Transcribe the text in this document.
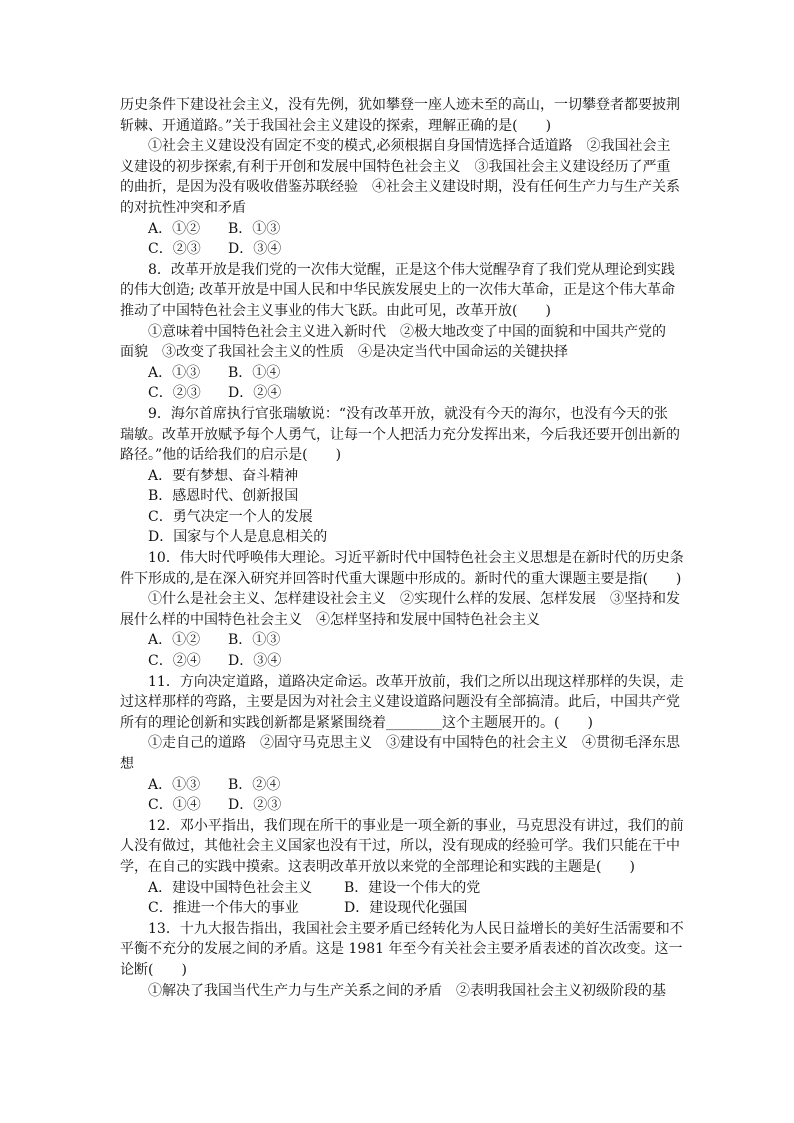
历史条件下建设社会主义，没有先例，犹如攀登一座人迹未至的高山，一切攀登者都要披荆
斩棘、开通道路。”关于我国社会主义建设的探索，理解正确的是(　　)
①社会主义建设没有固定不变的模式,必须根据自身国情选择合适道路　②我国社会主
义建设的初步探索,有利于开创和发展中国特色社会主义　③我国社会主义建设经历了严重
的曲折，是因为没有吸收借鉴苏联经验　④社会主义建设时期，没有任何生产力与生产关系
的对抗性冲突和矛盾
A．①②	B．①③
C．②③	D．③④
8．改革开放是我们党的一次伟大觉醒，正是这个伟大觉醒孕育了我们党从理论到实践
的伟大创造; 改革开放是中国人民和中华民族发展史上的一次伟大革命，正是这个伟大革命
推动了中国特色社会主义事业的伟大飞跃。由此可见，改革开放(　　)
①意味着中国特色社会主义进入新时代　②极大地改变了中国的面貌和中国共产党的
面貌　③改变了我国社会主义的性质　④是决定当代中国命运的关键抉择
A．①③	B．①④
C．②③	D．②④
9．海尔首席执行官张瑞敏说：“没有改革开放，就没有今天的海尔，也没有今天的张
瑞敏。改革开放赋予每个人勇气，让每一个人把活力充分发挥出来，今后我还要开创出新的
路径。”他的话给我们的启示是(　　)
A．要有梦想、奋斗精神
B．感恩时代、创新报国
C．勇气决定一个人的发展
D．国家与个人是息息相关的
10．伟大时代呼唤伟大理论。习近平新时代中国特色社会主义思想是在新时代的历史条
件下形成的,是在深入研究并回答时代重大课题中形成的。新时代的重大课题主要是指(　　)
①什么是社会主义、怎样建设社会主义　②实现什么样的发展、怎样发展　③坚持和发
展什么样的中国特色社会主义　④怎样坚持和发展中国特色社会主义
A．①②	B．①③
C．②④	D．③④
11．方向决定道路，道路决定命运。改革开放前，我们之所以出现这样那样的失误，走
过这样那样的弯路，主要是因为对社会主义建设道路问题没有全部搞清。此后，中国共产党
所有的理论创新和实践创新都是紧紧围绕着________这个主题展开的。(　　)
①走自己的道路　②固守马克思主义　③建设有中国特色的社会主义　④贯彻毛泽东思
想
A．①③	B．②④
C．①④	D．②③
12．邓小平指出，我们现在所干的事业是一项全新的事业，马克思没有讲过，我们的前
人没有做过，其他社会主义国家也没有干过，所以，没有现成的经验可学。我们只能在干中
学，在自己的实践中摸索。这表明改革开放以来党的全部理论和实践的主题是(　　)
A．建设中国特色社会主义	B．建设一个伟大的党
C．推进一个伟大的事业	D．建设现代化强国
13．十九大报告指出，我国社会主要矛盾已经转化为人民日益增长的美好生活需要和不
平衡不充分的发展之间的矛盾。这是 1981 年至今有关社会主要矛盾表述的首次改变。这一
论断(　　)
①解决了我国当代生产力与生产关系之间的矛盾　②表明我国社会主义初级阶段的基
